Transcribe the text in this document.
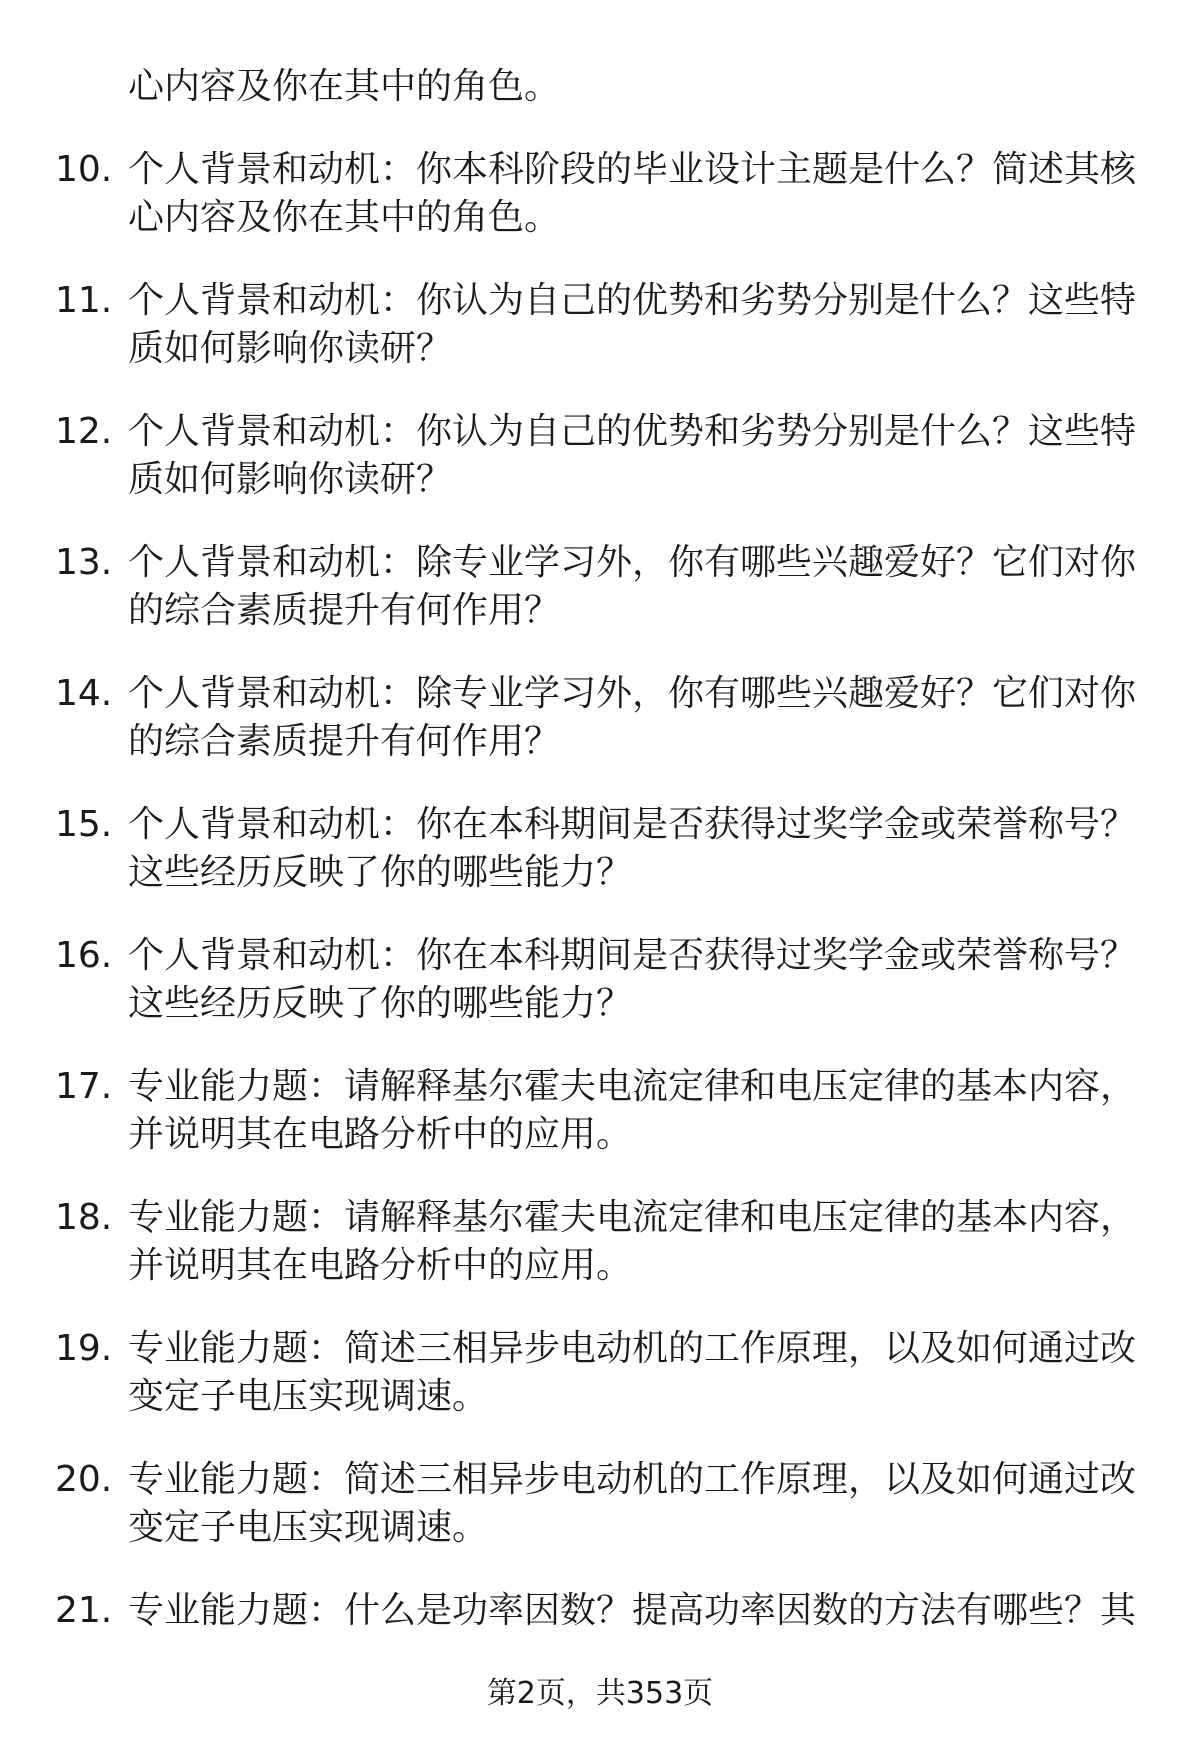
心内容及你在其中的角色。
10. 个人背景和动机：你本科阶段的毕业设计主题是什么？简述其核
心内容及你在其中的角色。
11. 个人背景和动机：你认为自己的优势和劣势分别是什么？这些特
质如何影响你读研？
12. 个人背景和动机：你认为自己的优势和劣势分别是什么？这些特
质如何影响你读研？
13. 个人背景和动机：除专业学习外，你有哪些兴趣爱好？它们对你
的综合素质提升有何作用？
14. 个人背景和动机：除专业学习外，你有哪些兴趣爱好？它们对你
的综合素质提升有何作用？
15. 个人背景和动机：你在本科期间是否获得过奖学金或荣誉称号？
这些经历反映了你的哪些能力？
16. 个人背景和动机：你在本科期间是否获得过奖学金或荣誉称号？
这些经历反映了你的哪些能力？
17. 专业能力题：请解释基尔霍夫电流定律和电压定律的基本内容，
并说明其在电路分析中的应用。
18. 专业能力题：请解释基尔霍夫电流定律和电压定律的基本内容，
并说明其在电路分析中的应用。
19. 专业能力题：简述三相异步电动机的工作原理，以及如何通过改
变定子电压实现调速。
20. 专业能力题：简述三相异步电动机的工作原理，以及如何通过改
变定子电压实现调速。
21. 专业能力题：什么是功率因数？提高功率因数的方法有哪些？其
第2页，共353页
